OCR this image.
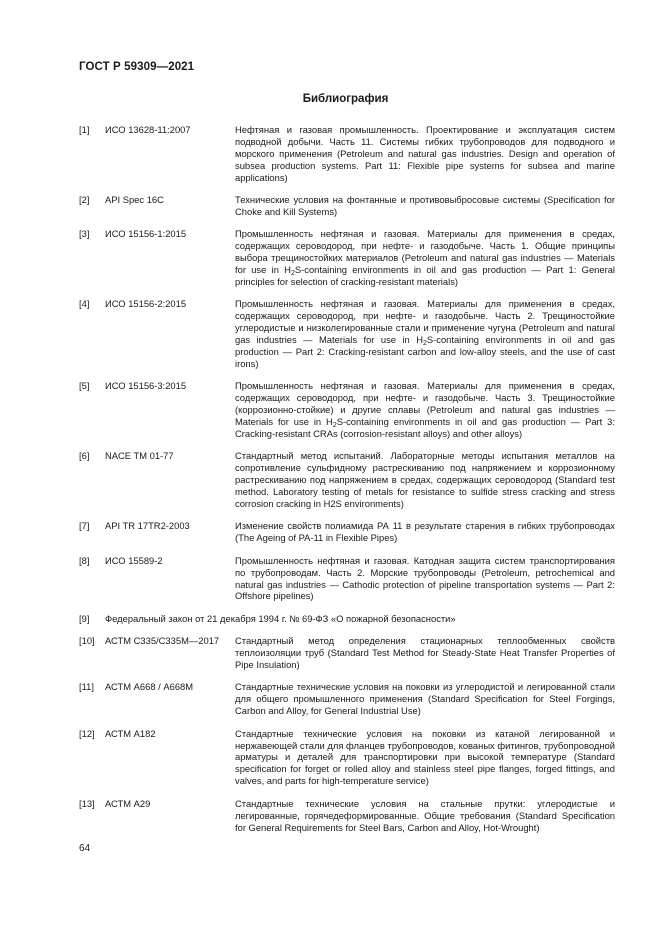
ГОСТ Р 59309—2021
Библиография
[1]	ИСО 13628-11:2007	Нефтяная и газовая промышленность. Проектирование и эксплуатация систем подводной добычи. Часть 11. Системы гибких трубопроводов для подводного и морского применения (Petroleum and natural gas industries. Design and operation of subsea production systems. Part 11: Flexible pipe systems for subsea and marine applications)
[2]	API Spec 16C	Технические условия на фонтанные и противовыбросовые системы (Specification for Choke and Kill Systems)
[3]	ИСО 15156-1:2015	Промышленность нефтяная и газовая. Материалы для применения в средах, содержащих сероводород, при нефте- и газодобыче. Часть 1. Общие принципы выбора трещиностойких материалов (Petroleum and natural gas industries — Materials for use in $H_2S$-containing environments in oil and gas production — Part 1: General principles for selection of cracking-resistant materials)
[4]	ИСО 15156-2:2015	Промышленность нефтяная и газовая. Материалы для применения в средах, содержащих сероводород, при нефте- и газодобыче. Часть 2. Трещиностойкие углеродистые и низколегированные стали и применение чугуна (Petroleum and natural gas industries — Materials for use in $H_2S$-containing environments in oil and gas production — Part 2: Cracking-resistant carbon and low-alloy steels, and the use of cast irons)
[5]	ИСО 15156-3:2015	Промышленность нефтяная и газовая. Материалы для применения в средах, содержащих сероводород, при нефте- и газодобыче. Часть 3. Трещиностойкие (коррозионно-стойкие) и другие сплавы (Petroleum and natural gas industries — Materials for use in $H_2S$-containing environments in oil and gas production — Part 3: Cracking-resistant CRAs (corrosion-resistant alloys) and other alloys)
[6]	NACE TM 01-77	Стандартный метод испытаний. Лабораторные методы испытания металлов на сопротивление сульфидному растрескиванию под напряжением и коррозионному растрескиванию под напряжением в средах, содержащих сероводород (Standard test method. Laboratory testing of metals for resistance to sulfide stress cracking and stress corrosion cracking in H2S environments)
[7]	API TR 17TR2-2003	Изменение свойств полиамида РА 11 в результате старения в гибких трубопроводах (The Ageing of PA-11 in Flexible Pipes)
[8]	ИСО 15589-2	Промышленность нефтяная и газовая. Катодная защита систем транспортирования по трубопроводам. Часть 2. Морские трубопроводы (Petroleum, petrochemical and natural gas industries — Cathodic protection of pipeline transportation systems — Part 2: Offshore pipelines)
[9]	Федеральный закон от 21 декабря 1994 г. № 69-ФЗ «О пожарной безопасности»
[10]	АСТМ С335/С335М—2017	Стандартный метод определения стационарных теплообменных свойств теплоизоляции труб (Standard Test Method for Steady-State Heat Transfer Properties of Pipe Insulation)
[11]	АСТМ А668 / А668М	Стандартные технические условия на поковки из углеродистой и легированной стали для общего промышленного применения (Standard Specification for Steel Forgings, Carbon and Alloy, for General Industrial Use)
[12]	АСТМ А182	Стандартные технические условия на поковки из катаной легированной и нержавеющей стали для фланцев трубопроводов, кованых фитингов, трубопроводной арматуры и деталей для транспортировки при высокой температуре (Standard specification for forget or rolled alloy and stainless steel pipe flanges, forged fittings, and valves, and parts for high-temperature service)
[13]	АСТМ А29	Стандартные технические условия на стальные прутки: углеродистые и легированные, горячедеформированные. Общие требования (Standard Specification for General Requirements for Steel Bars, Carbon and Alloy, Hot-Wrought)
64
